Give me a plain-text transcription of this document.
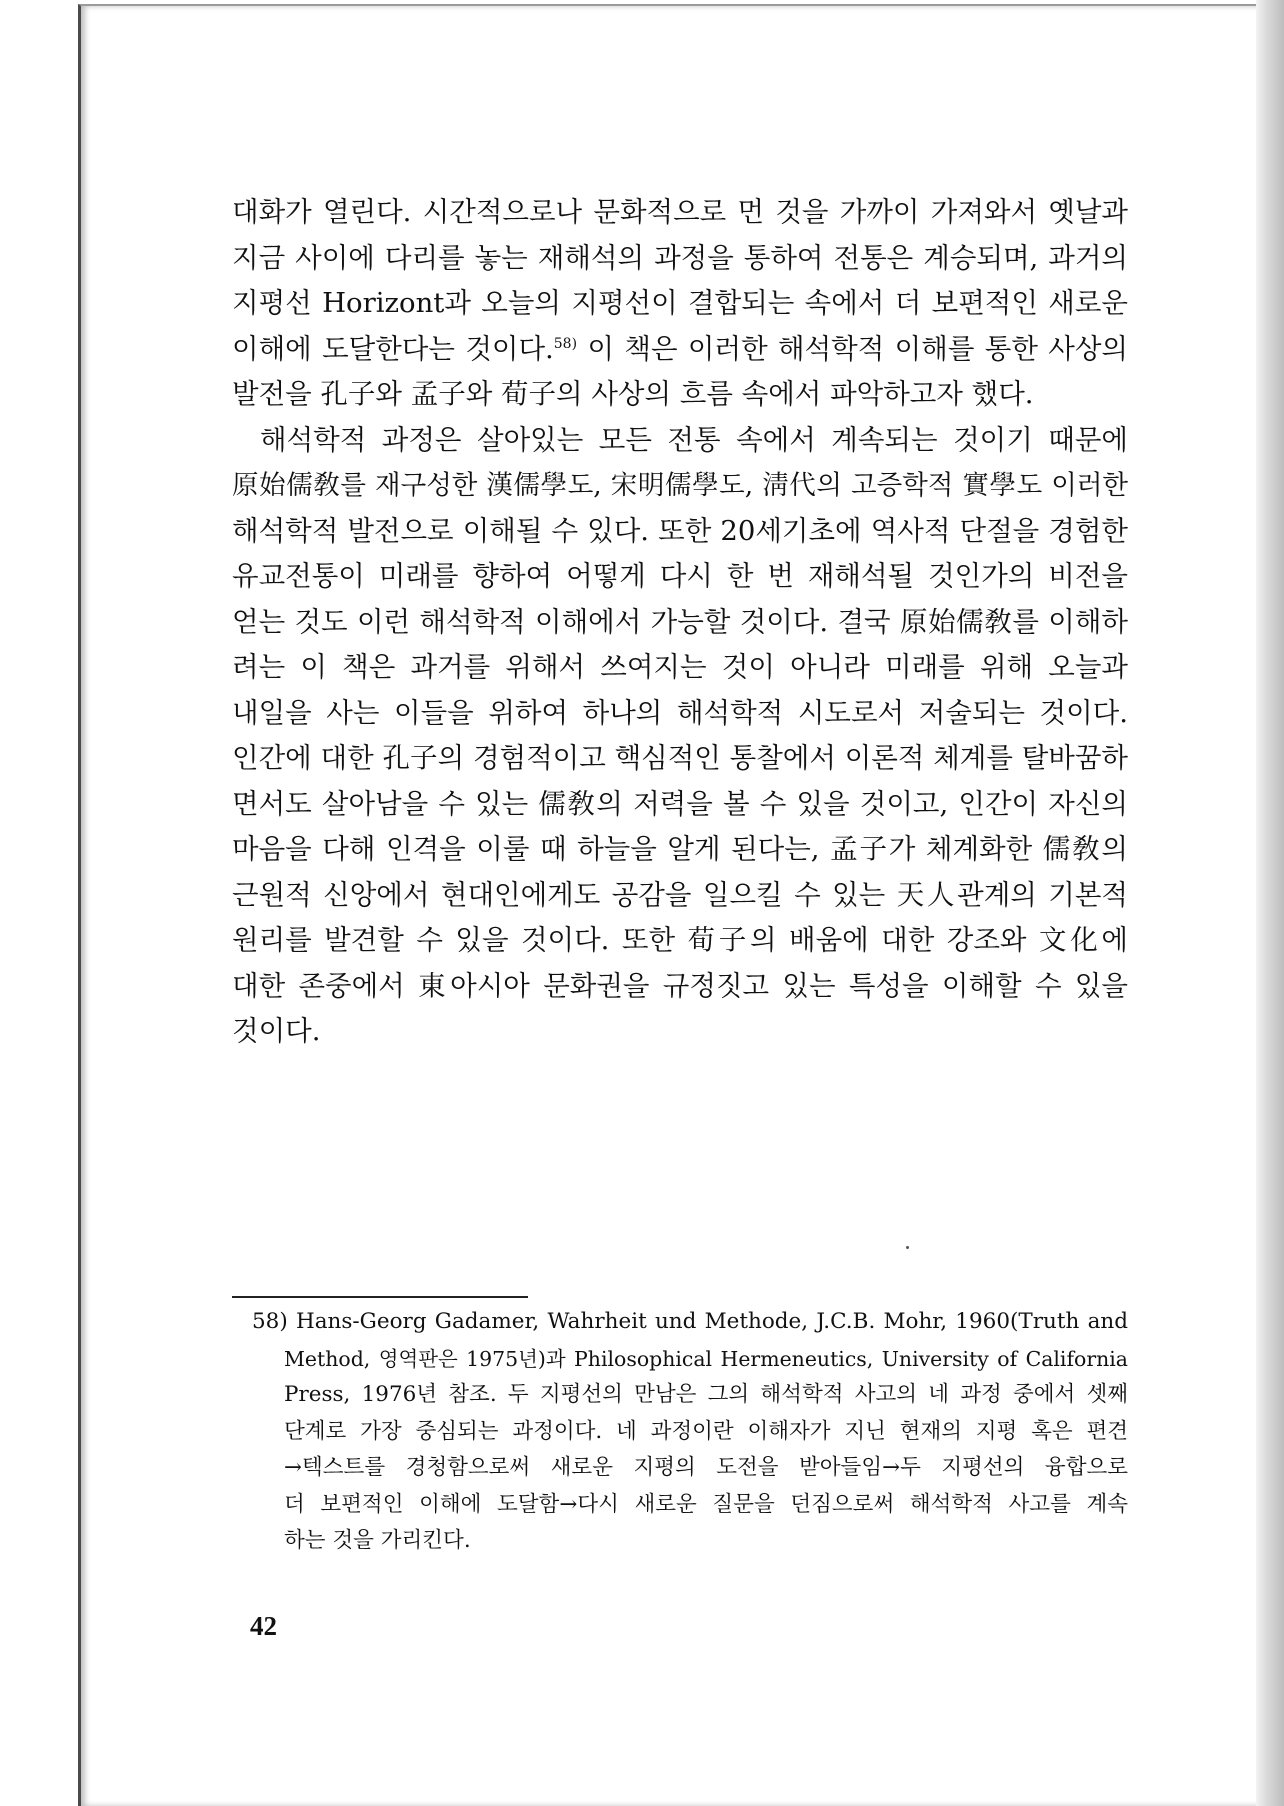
대화가 열린다. 시간적으로나 문화적으로 먼 것을 가까이 가져와서 옛날과
지금 사이에 다리를 놓는 재해석의 과정을 통하여 전통은 계승되며, 과거의
지평선 Horizont과 오늘의 지평선이 결합되는 속에서 더 보편적인 새로운
이해에 도달한다는 것이다.$^{58)}$ 이 책은 이러한 해석학적 이해를 통한 사상의
발전을 孔子와 孟子와 荀子의 사상의 흐름 속에서 파악하고자 했다.

해석학적 과정은 살아있는 모든 전통 속에서 계속되는 것이기 때문에
原始儒敎를 재구성한 漢儒學도, 宋明儒學도, 淸代의 고증학적 實學도 이러한
해석학적 발전으로 이해될 수 있다. 또한 20세기초에 역사적 단절을 경험한
유교전통이 미래를 향하여 어떻게 다시 한 번 재해석될 것인가의 비전을
얻는 것도 이런 해석학적 이해에서 가능할 것이다. 결국 原始儒敎를 이해하
려는 이 책은 과거를 위해서 쓰여지는 것이 아니라 미래를 위해 오늘과
내일을 사는 이들을 위하여 하나의 해석학적 시도로서 저술되는 것이다.
인간에 대한 孔子의 경험적이고 핵심적인 통찰에서 이론적 체계를 탈바꿈하
면서도 살아남을 수 있는 儒敎의 저력을 볼 수 있을 것이고, 인간이 자신의
마음을 다해 인격을 이룰 때 하늘을 알게 된다는, 孟子가 체계화한 儒敎의
근원적 신앙에서 현대인에게도 공감을 일으킬 수 있는 天人관계의 기본적
원리를 발견할 수 있을 것이다. 또한 荀子의 배움에 대한 강조와 文化에
대한 존중에서 東아시아 문화권을 규정짓고 있는 특성을 이해할 수 있을
것이다.

58) Hans-Georg Gadamer, Wahrheit und Methode, J.C.B. Mohr, 1960(Truth and
Method, 영역판은 1975년)과 Philosophical Hermeneutics, University of California
Press, 1976년 참조. 두 지평선의 만남은 그의 해석학적 사고의 네 과정 중에서 셋째
단계로 가장 중심되는 과정이다. 네 과정이란 이해자가 지닌 현재의 지평 혹은 편견
→텍스트를 경청함으로써 새로운 지평의 도전을 받아들임→두 지평선의 융합으로
더 보편적인 이해에 도달함→다시 새로운 질문을 던짐으로써 해석학적 사고를 계속
하는 것을 가리킨다.
42
